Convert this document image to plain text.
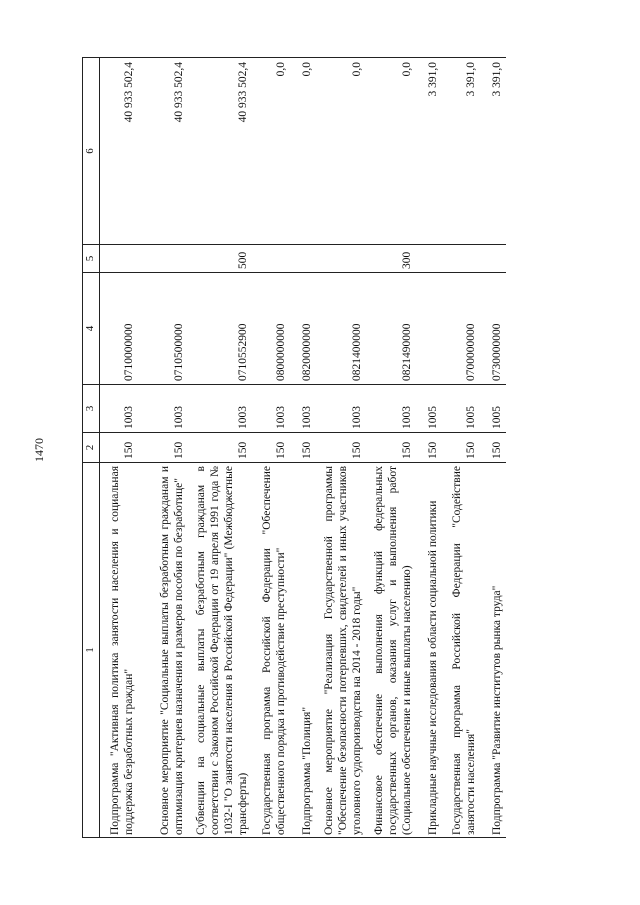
1470
1	2	3	4	5	6
Подпрограмма "Активная политика занятости населения и социальная поддержка безработных граждан"	150	1003	0710000000		40 933 502,4
Основное мероприятие "Социальные выплаты безработным гражданам и оптимизация критериев назначения и размеров пособия по безработице"	150	1003	0710500000		40 933 502,4
Субвенции на социальные выплаты безработным гражданам в соответствии с Законом Российской Федерации от 19 апреля 1991 года № 1032-I "О занятости населения в Российской Федерации" (Межбюджетные трансферты)	150	1003	0710552900	500	40 933 502,4
Государственная программа Российской Федерации "Обеспечение общественного порядка и противодействие преступности"	150	1003	0800000000		0,0
Подпрограмма "Полиция"	150	1003	0820000000		0,0
Основное мероприятие "Реализация Государственной программы "Обеспечение безопасности потерпевших, свидетелей и иных участников уголовного судопроизводства на 2014 - 2018 годы"	150	1003	0821400000		0,0
Финансовое обеспечение выполнения функций федеральных государственных органов, оказания услуг и выполнения работ (Социальное обеспечение и иные выплаты населению)	150	1003	0821490000	300	0,0
Прикладные научные исследования в области социальной политики	150	1005			3 391,0
Государственная программа Российской Федерации "Содействие занятости населения"	150	1005	0700000000		3 391,0
Подпрограмма "Развитие институтов рынка труда"	150	1005	0730000000		3 391,0
